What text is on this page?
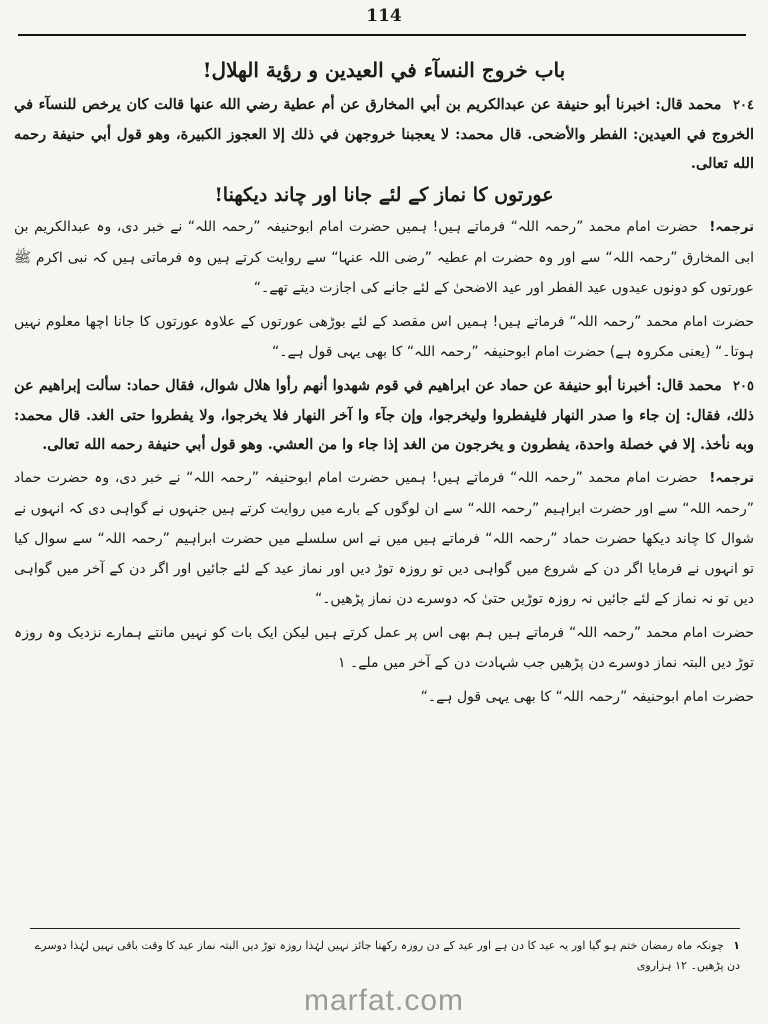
114
باب خروج النسآء في العيدين و رؤية الهلال!

٢٠٤ محمد قال: اخبرنا أبو حنيفة عن عبدالكريم بن أبي المخارق عن أم عطية رضي الله عنها قالت كان يرخص للنسآء في الخروج في العيدين: الفطر والأضحى. قال محمد: لا يعجبنا خروجهن في ذلك إلا العجوز الكبيرة، وهو قول أبي حنيفة رحمه الله تعالى.

عورتوں کا نماز کے لئے جانا اور چاند دیکھنا!

ترجمہ! حضرت امام محمد ”رحمہ اللہ“ فرماتے ہیں! ہمیں حضرت امام ابوحنیفہ ”رحمہ اللہ“ نے خبر دی، وہ عبدالکریم بن ابی المخارق ”رحمہ اللہ“ سے اور وہ حضرت ام عطیہ ”رضی اللہ عنہا“ سے روایت کرتے ہیں وہ فرماتی ہیں کہ نبی اکرم ﷺ عورتوں کو دونوں عیدوں عید الفطر اور عید الاضحیٰ کے لئے جانے کی اجازت دیتے تھے۔“

حضرت امام محمد ”رحمہ اللہ“ فرماتے ہیں! ہمیں اس مقصد کے لئے بوڑھی عورتوں کے علاوہ عورتوں کا جانا اچھا معلوم نہیں ہوتا۔“ (یعنی مکروہ ہے) حضرت امام ابوحنیفہ ”رحمہ اللہ“ کا بھی یہی قول ہے۔“

٢٠٥ محمد قال: أخبرنا أبو حنيفة عن حماد عن ابراهيم في قوم شهدوا أنهم رأوا هلال شوال، فقال حماد: سألت إبراهيم عن ذلك، فقال: إن جاء وا صدر النهار فليفطروا وليخرجوا، وإن جآء وا آخر النهار فلا يخرجوا، ولا يفطروا حتى الغد. قال محمد: وبه نأخذ. إلا في خصلة واحدة، يفطرون و يخرجون من الغد إذا جاء وا من العشي. وهو قول أبي حنيفة رحمه الله تعالى.

ترجمہ! حضرت امام محمد ”رحمہ اللہ“ فرماتے ہیں! ہمیں حضرت امام ابوحنیفہ ”رحمہ اللہ“ نے خبر دی، وہ حضرت حماد ”رحمہ اللہ“ سے اور حضرت ابراہیم ”رحمہ اللہ“ سے ان لوگوں کے بارے میں روایت کرتے ہیں جنہوں نے گواہی دی کہ انہوں نے شوال کا چاند دیکھا حضرت حماد ”رحمہ اللہ“ فرماتے ہیں میں نے اس سلسلے میں حضرت ابراہیم ”رحمہ اللہ“ سے سوال کیا تو انہوں نے فرمایا اگر دن کے شروع میں گواہی دیں تو روزہ توڑ دیں اور نماز عید کے لئے جائیں اور اگر دن کے آخر میں گواہی دیں تو نہ نماز کے لئے جائیں نہ روزہ توڑیں حتیٰ کہ دوسرے دن نماز پڑھیں۔“

حضرت امام محمد ”رحمہ اللہ“ فرماتے ہیں ہم بھی اس پر عمل کرتے ہیں لیکن ایک بات کو نہیں مانتے ہمارے نزدیک وہ روزہ توڑ دیں البتہ نماز دوسرے دن پڑھیں جب شہادت دن کے آخر میں ملے۔ ۱

حضرت امام ابوحنیفہ ”رحمہ اللہ“ کا بھی یہی قول ہے۔“

۱ چونکہ ماہ رمضان ختم ہو گیا اور یہ عید کا دن ہے اور عید کے دن روزہ رکھنا جائز نہیں لہٰذا روزہ توڑ دیں البتہ نماز عید کا وقت باقی نہیں لہٰذا دوسرے دن پڑھیں۔ ۱۲ ہزاروی
marfat.com
